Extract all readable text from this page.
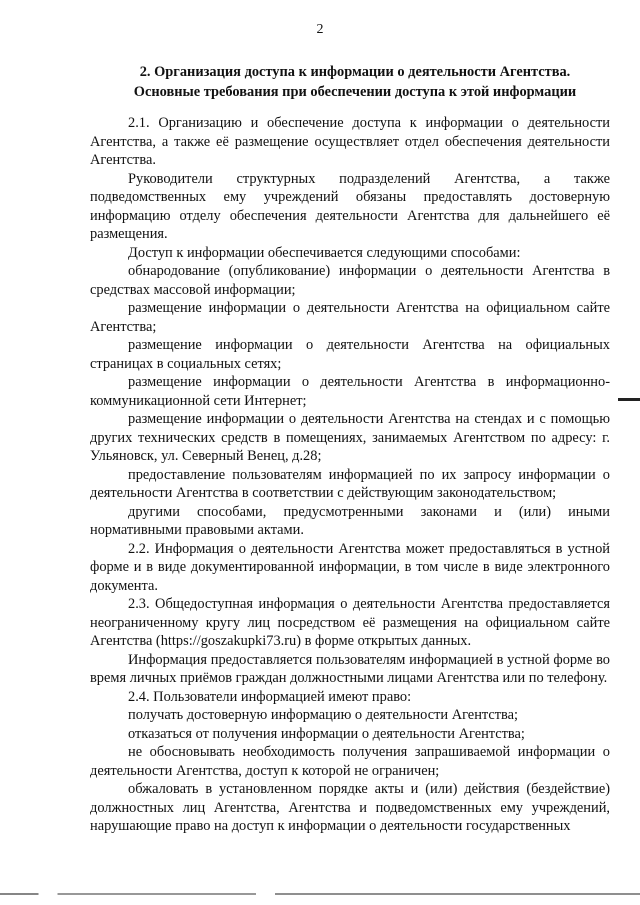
2
2. Организация доступа к информации о деятельности Агентства.
Основные требования при обеспечении доступа к этой информации

2.1. Организацию и обеспечение доступа к информации о деятельности Агентства, а также её размещение осуществляет отдел обеспечения деятельности Агентства.

Руководители структурных подразделений Агентства, а также подведомственных ему учреждений обязаны предоставлять достоверную информацию отделу обеспечения деятельности Агентства для дальнейшего её размещения.

Доступ к информации обеспечивается следующими способами:

обнародование (опубликование) информации о деятельности Агентства в средствах массовой информации;

размещение информации о деятельности Агентства на официальном сайте Агентства;

размещение информации о деятельности Агентства на официальных страницах в социальных сетях;

размещение информации о деятельности Агентства в информационно-коммуникационной сети Интернет;

размещение информации о деятельности Агентства на стендах и с помощью других технических средств в помещениях, занимаемых Агентством по адресу: г. Ульяновск, ул. Северный Венец, д.28;

предоставление пользователям информацией по их запросу информации о деятельности Агентства в соответствии с действующим законодательством;

другими способами, предусмотренными законами и (или) иными нормативными правовыми актами.

2.2. Информация о деятельности Агентства может предоставляться в устной форме и в виде документированной информации, в том числе в виде электронного документа.

2.3. Общедоступная информация о деятельности Агентства предоставляется неограниченному кругу лиц посредством её размещения на официальном сайте Агентства (https://goszakupki73.ru) в форме открытых данных.

Информация предоставляется пользователям информацией в устной форме во время личных приёмов граждан должностными лицами Агентства или по телефону.

2.4. Пользователи информацией имеют право:

получать достоверную информацию о деятельности Агентства;

отказаться от получения информации о деятельности Агентства;

не обосновывать необходимость получения запрашиваемой информации о деятельности Агентства, доступ к которой не ограничен;

обжаловать в установленном порядке акты и (или) действия (бездействие) должностных лиц Агентства, Агентства и подведомственных ему учреждений, нарушающие право на доступ к информации о деятельности государственных
